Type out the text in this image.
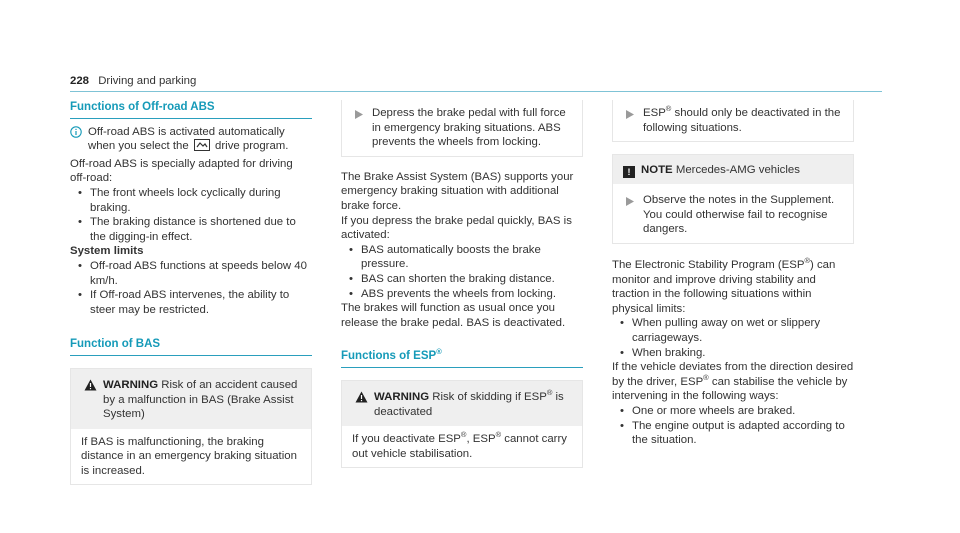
228 Driving and parking
Functions of Off-road ABS

Off-road ABS is activated automatically when you select the drive program.

Off-road ABS is specially adapted for driving off-road:

• The front wheels lock cyclically during braking.
• The braking distance is shortened due to the digging-in effect.

System limits

• Off-road ABS functions at speeds below 40 km/h.
• If Off-road ABS intervenes, the ability to steer may be restricted.
Function of BAS
WARNING Risk of an accident caused by a malfunction in BAS (Brake Assist System)
If BAS is malfunctioning, the braking distance in an emergency braking situation is increased.
Depress the brake pedal with full force in emergency braking situations. ABS prevents the wheels from locking.

The Brake Assist System (BAS) supports your emergency braking situation with additional brake force.

If you depress the brake pedal quickly, BAS is activated:

• BAS automatically boosts the brake pressure.
• BAS can shorten the braking distance.
• ABS prevents the wheels from locking.

The brakes will function as usual once you release the brake pedal. BAS is deactivated.

Functions of ESP®
WARNING Risk of skidding if ESP® is deactivated
If you deactivate ESP®, ESP® cannot carry out vehicle stabilisation.
ESP® should only be deactivated in the following situations.
! NOTE Mercedes-AMG vehicles
Observe the notes in the Supplement. You could otherwise fail to recognise dangers.

The Electronic Stability Program (ESP®) can monitor and improve driving stability and traction in the following situations within physical limits:

• When pulling away on wet or slippery carriageways.
• When braking.

If the vehicle deviates from the direction desired by the driver, ESP® can stabilise the vehicle by intervening in the following ways:

• One or more wheels are braked.
• The engine output is adapted according to the situation.
